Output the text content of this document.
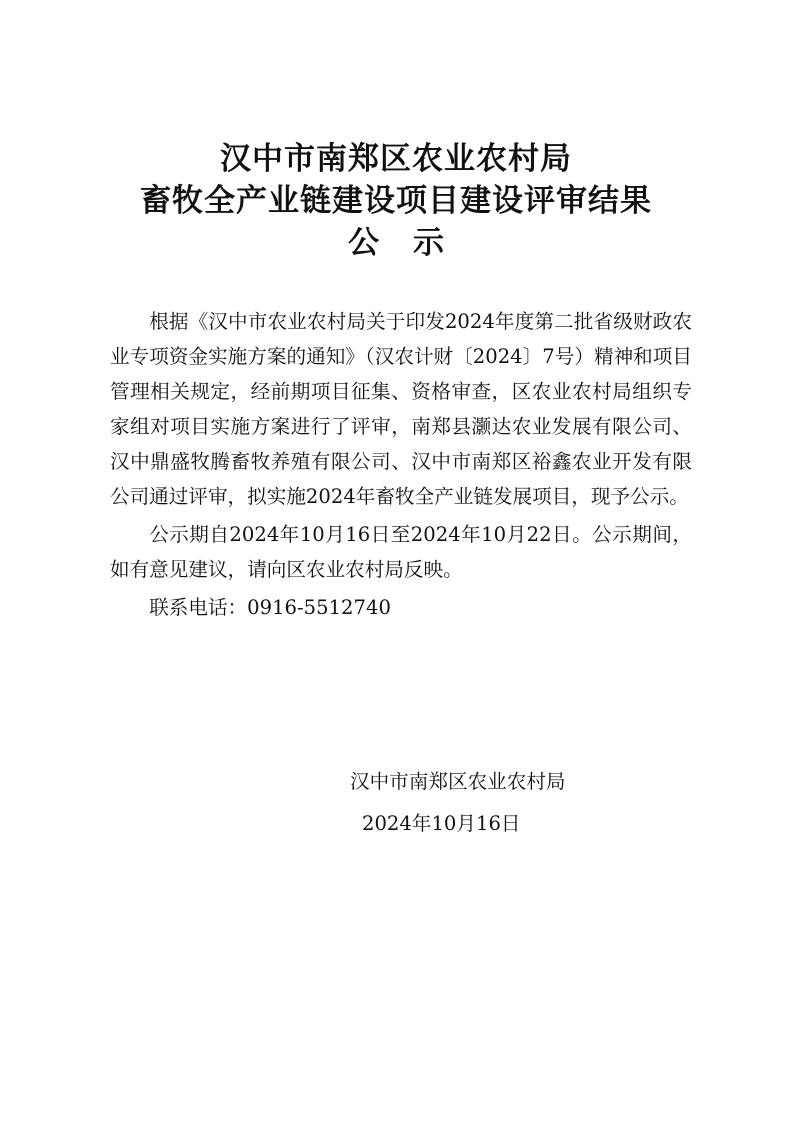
汉中市南郑区农业农村局
畜牧全产业链建设项目建设评审结果
公示

根据《汉中市农业农村局关于印发2024年度第二批省级财政农业专项资金实施方案的通知》（汉农计财〔2024〕7号）精神和项目管理相关规定，经前期项目征集、资格审查，区农业农村局组织专家组对项目实施方案进行了评审，南郑县灏达农业发展有限公司、汉中鼎盛牧腾畜牧养殖有限公司、汉中市南郑区裕鑫农业开发有限公司通过评审，拟实施2024年畜牧全产业链发展项目，现予公示。

公示期自2024年10月16日至2024年10月22日。公示期间，如有意见建议，请向区农业农村局反映。

联系电话：0916-5512740

汉中市南郑区农业农村局
2024年10月16日
